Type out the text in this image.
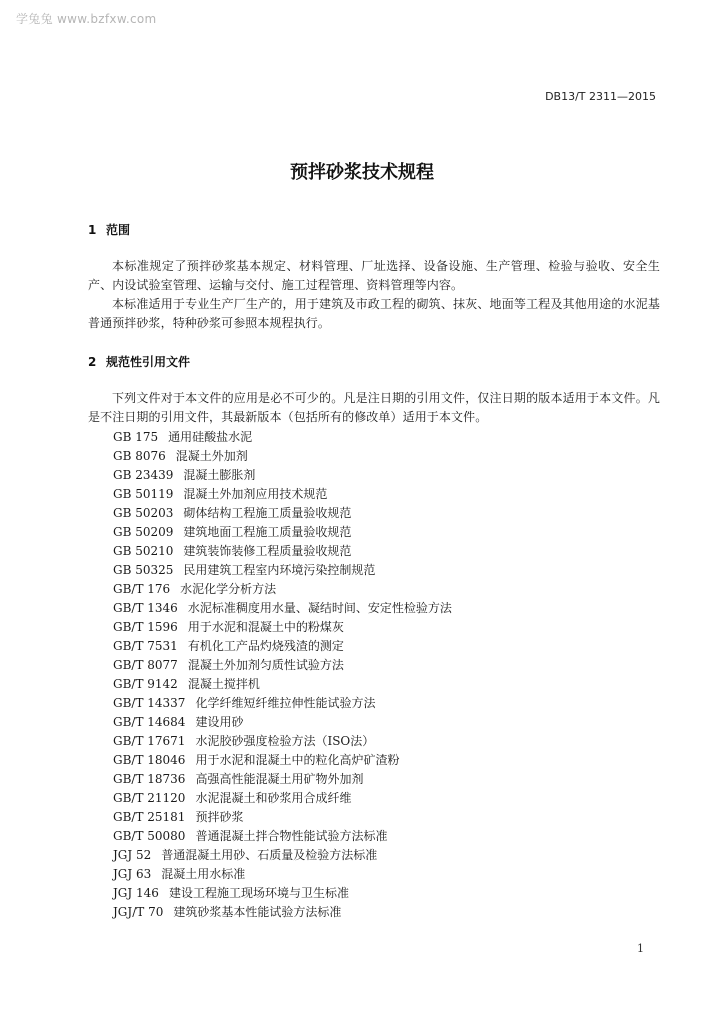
学兔兔 www.bzfxw.com
DB13/T 2311—2015
预拌砂浆技术规程
1 范围

本标准规定了预拌砂浆基本规定、材料管理、厂址选择、设备设施、生产管理、检验与验收、安全生产、内设试验室管理、运输与交付、施工过程管理、资料管理等内容。

本标准适用于专业生产厂生产的，用于建筑及市政工程的砌筑、抹灰、地面等工程及其他用途的水泥基普通预拌砂浆，特种砂浆可参照本规程执行。

2 规范性引用文件

下列文件对于本文件的应用是必不可少的。凡是注日期的引用文件，仅注日期的版本适用于本文件。凡是不注日期的引用文件，其最新版本（包括所有的修改单）适用于本文件。

GB 175 通用硅酸盐水泥
GB 8076 混凝土外加剂
GB 23439 混凝土膨胀剂
GB 50119 混凝土外加剂应用技术规范
GB 50203 砌体结构工程施工质量验收规范
GB 50209 建筑地面工程施工质量验收规范
GB 50210 建筑装饰装修工程质量验收规范
GB 50325 民用建筑工程室内环境污染控制规范
GB/T 176 水泥化学分析方法
GB/T 1346 水泥标准稠度用水量、凝结时间、安定性检验方法
GB/T 1596 用于水泥和混凝土中的粉煤灰
GB/T 7531 有机化工产品灼烧残渣的测定
GB/T 8077 混凝土外加剂匀质性试验方法
GB/T 9142 混凝土搅拌机
GB/T 14337 化学纤维短纤维拉伸性能试验方法
GB/T 14684 建设用砂
GB/T 17671 水泥胶砂强度检验方法（ISO法）
GB/T 18046 用于水泥和混凝土中的粒化高炉矿渣粉
GB/T 18736 高强高性能混凝土用矿物外加剂
GB/T 21120 水泥混凝土和砂浆用合成纤维
GB/T 25181 预拌砂浆
GB/T 50080 普通混凝土拌合物性能试验方法标准
JGJ 52 普通混凝土用砂、石质量及检验方法标准
JGJ 63 混凝土用水标准
JGJ 146 建设工程施工现场环境与卫生标准
JGJ/T 70 建筑砂浆基本性能试验方法标准
1
